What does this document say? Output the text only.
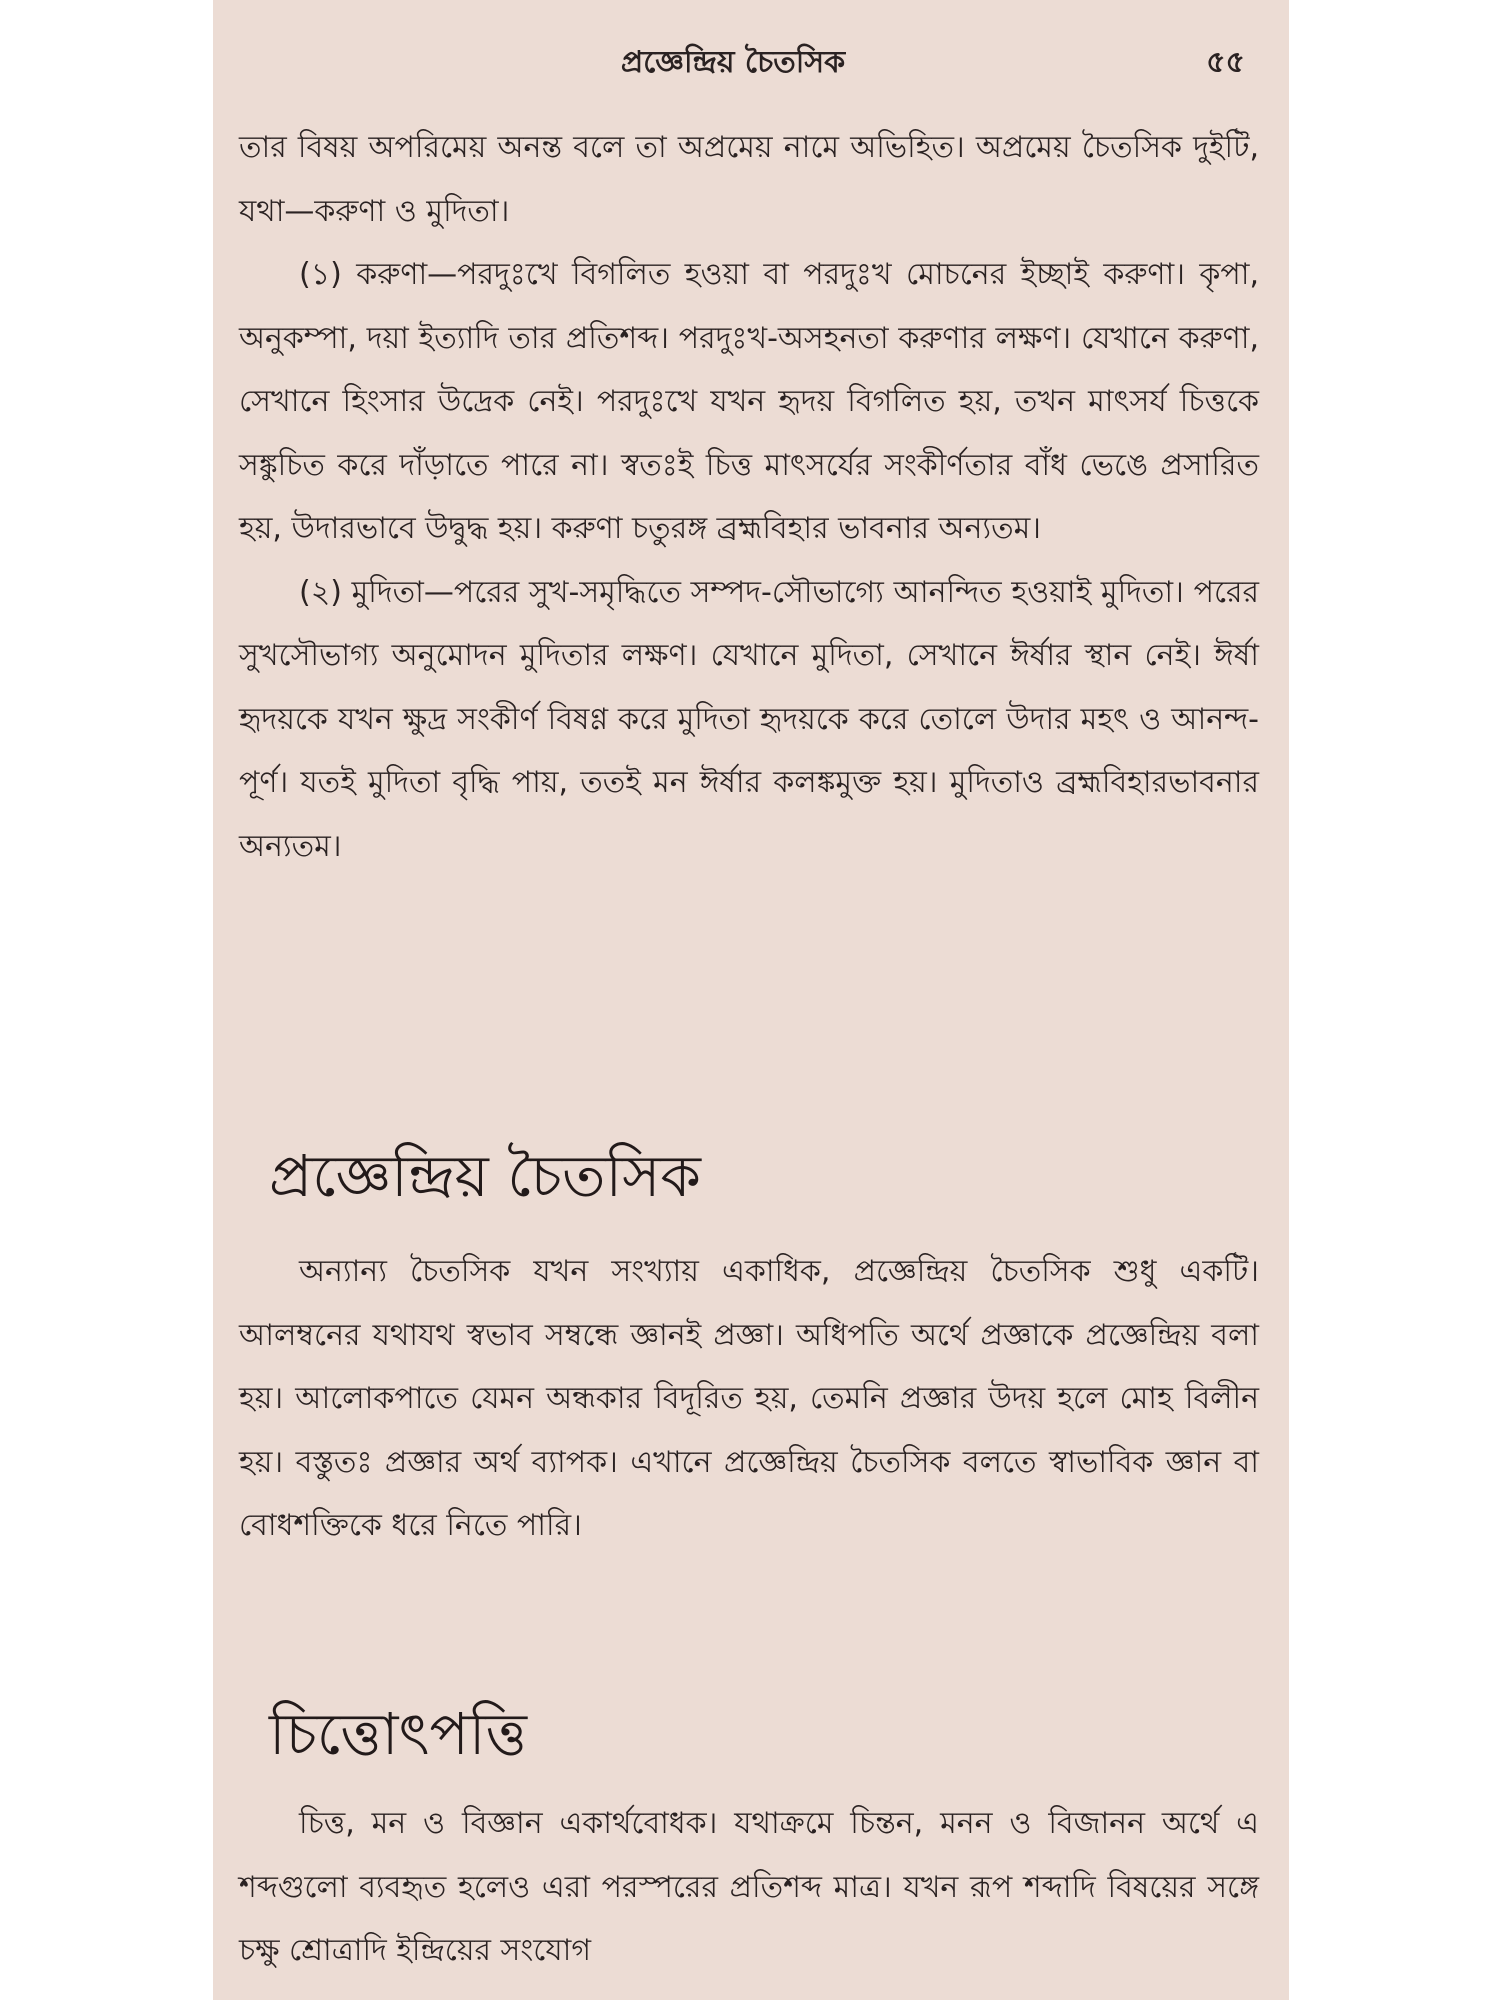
প্রজ্ঞেন্দ্রিয় চৈতসিক	৫৫

তার বিষয় অপরিমেয় অনন্ত বলে তা অপ্রমেয় নামে অভিহিত। অপ্রমেয় চৈতসিক দুইটি, যথা—করুণা ও মুদিতা।

(১) করুণা—পরদুঃখে বিগলিত হওয়া বা পরদুঃখ মোচনের ইচ্ছাই করুণা। কৃপা, অনুকম্পা, দয়া ইত্যাদি তার প্রতিশব্দ। পরদুঃখ-অসহনতা করুণার লক্ষণ। যেখানে করুণা, সেখানে হিংসার উদ্রেক নেই। পরদুঃখে যখন হৃদয় বিগলিত হয়, তখন মাৎসর্য চিত্তকে সঙ্কুচিত করে দাঁড়াতে পারে না। স্বতঃই চিত্ত মাৎসর্যের সংকীর্ণতার বাঁধ ভেঙে প্রসারিত হয়, উদারভাবে উদ্বুদ্ধ হয়। করুণা চতুরঙ্গ ব্রহ্মবিহার ভাবনার অন্যতম।

(২) মুদিতা—পরের সুখ-সমৃদ্ধিতে সম্পদ-সৌভাগ্যে আনন্দিত হওয়াই মুদিতা। পরের সুখসৌভাগ্য অনুমোদন মুদিতার লক্ষণ। যেখানে মুদিতা, সেখানে ঈর্ষার স্থান নেই। ঈর্ষা হৃদয়কে যখন ক্ষুদ্র সংকীর্ণ বিষণ্ণ করে মুদিতা হৃদয়কে করে তোলে উদার মহৎ ও আনন্দ-পূর্ণ। যতই মুদিতা বৃদ্ধি পায়, ততই মন ঈর্ষার কলঙ্কমুক্ত হয়। মুদিতাও ব্রহ্মবিহারভাবনার অন্যতম।

প্রজ্ঞেন্দ্রিয় চৈতসিক

অন্যান্য চৈতসিক যখন সংখ্যায় একাধিক, প্রজ্ঞেন্দ্রিয় চৈতসিক শুধু একটি। আলম্বনের যথাযথ স্বভাব সম্বন্ধে জ্ঞানই প্রজ্ঞা। অধিপতি অর্থে প্রজ্ঞাকে প্রজ্ঞেন্দ্রিয় বলা হয়। আলোকপাতে যেমন অন্ধকার বিদূরিত হয়, তেমনি প্রজ্ঞার উদয় হলে মোহ বিলীন হয়। বস্তুতঃ প্রজ্ঞার অর্থ ব্যাপক। এখানে প্রজ্ঞেন্দ্রিয় চৈতসিক বলতে স্বাভাবিক জ্ঞান বা বোধশক্তিকে ধরে নিতে পারি।

চিত্তোৎপত্তি

চিত্ত, মন ও বিজ্ঞান একার্থবোধক। যথাক্রমে চিন্তন, মনন ও বিজানন অর্থে এ শব্দগুলো ব্যবহৃত হলেও এরা পরস্পরের প্রতিশব্দ মাত্র। যখন রূপ শব্দাদি বিষয়ের সঙ্গে চক্ষু শ্রোত্রাদি ইন্দ্রিয়ের সংযোগ
